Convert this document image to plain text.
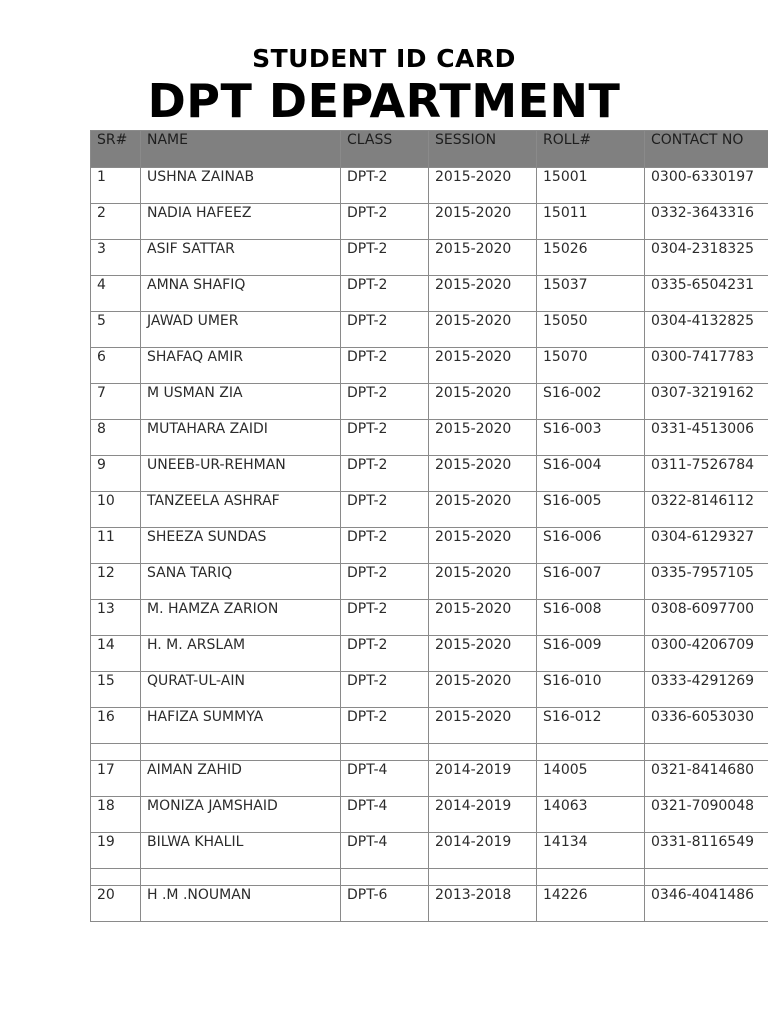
STUDENT ID CARD
DPT DEPARTMENT
SR#	NAME	CLASS	SESSION	ROLL#	CONTACT NO
1	USHNA ZAINAB	DPT-2	2015-2020	15001	0300-6330197
2	NADIA HAFEEZ	DPT-2	2015-2020	15011	0332-3643316
3	ASIF SATTAR	DPT-2	2015-2020	15026	0304-2318325
4	AMNA SHAFIQ	DPT-2	2015-2020	15037	0335-6504231
5	JAWAD UMER	DPT-2	2015-2020	15050	0304-4132825
6	SHAFAQ AMIR	DPT-2	2015-2020	15070	0300-7417783
7	M USMAN ZIA	DPT-2	2015-2020	S16-002	0307-3219162
8	MUTAHARA ZAIDI	DPT-2	2015-2020	S16-003	0331-4513006
9	UNEEB-UR-REHMAN	DPT-2	2015-2020	S16-004	0311-7526784
10	TANZEELA ASHRAF	DPT-2	2015-2020	S16-005	0322-8146112
11	SHEEZA SUNDAS	DPT-2	2015-2020	S16-006	0304-6129327
12	SANA TARIQ	DPT-2	2015-2020	S16-007	0335-7957105
13	M. HAMZA ZARION	DPT-2	2015-2020	S16-008	0308-6097700
14	H. M. ARSLAM	DPT-2	2015-2020	S16-009	0300-4206709
15	QURAT-UL-AIN	DPT-2	2015-2020	S16-010	0333-4291269
16	HAFIZA SUMMYA	DPT-2	2015-2020	S16-012	0336-6053030

17	AIMAN ZAHID	DPT-4	2014-2019	14005	0321-8414680
18	MONIZA JAMSHAID	DPT-4	2014-2019	14063	0321-7090048
19	BILWA KHALIL	DPT-4	2014-2019	14134	0331-8116549

20	H .M .NOUMAN	DPT-6	2013-2018	14226	0346-4041486
